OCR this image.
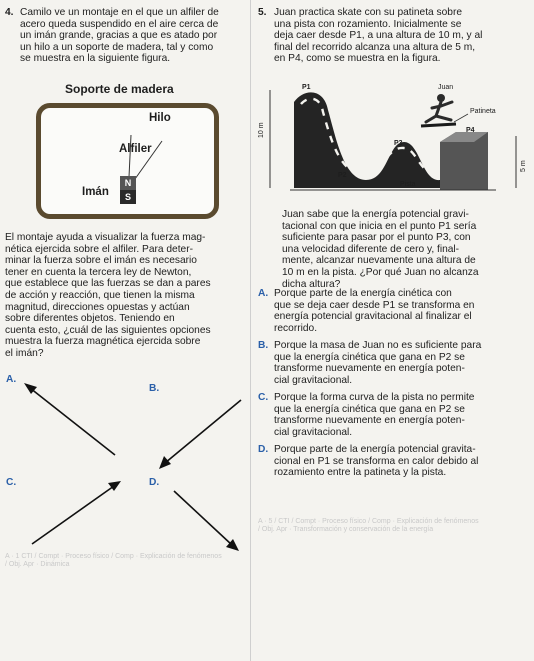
4. Camilo ve un montaje en el que un alfiler de
acero queda suspendido en el aire cerca de
un imán grande, gracias a que es atado por
un hilo a un soporte de madera, tal y como
se muestra en la siguiente figura.
Soporte de madera
Hilo
Alfiler
Imán
N
S
El montaje ayuda a visualizar la fuerza mag-
nética ejercida sobre el alfiler. Para deter-
minar la fuerza sobre el imán es necesario
tener en cuenta la tercera ley de Newton,
que establece que las fuerzas se dan a pares
de acción y reacción, que tienen la misma
magnitud, direcciones opuestas y actúan
sobre diferentes objetos. Teniendo en
cuenta esto, ¿cuál de las siguientes opciones
muestra la fuerza magnética ejercida sobre
el imán?
A.
B.
C.	D.
A · 1 CTI / Compt · Proceso físico / Comp · Explicación de fenómenos
/ Obj. Apr · Dinámica
5. Juan practica skate con su patineta sobre
una pista con rozamiento. Inicialmente se
deja caer desde P1, a una altura de 10 m, y al
final del recorrido alcanza una altura de 5 m,
en P4, como se muestra en la figura.
P1
P2
P3
P4
Juan
Patineta
Pista
10 m
5 m
Juan sabe que la energía potencial gravi-
tacional con que inicia en el punto P1 sería
suficiente para pasar por el punto P3, con
una velocidad diferente de cero y, final-
mente, alcanzar nuevamente una altura de
10 m en la pista. ¿Por qué Juan no alcanza
dicha altura?
A. Porque parte de la energía cinética con
que se deja caer desde P1 se transforma en
energía potencial gravitacional al finalizar el
recorrido.
B. Porque la masa de Juan no es suficiente para
que la energía cinética que gana en P2 se
transforme nuevamente en energía poten-
cial gravitacional.
C. Porque la forma curva de la pista no permite
que la energía cinética que gana en P2 se
transforme nuevamente en energía poten-
cial gravitacional.
D. Porque parte de la energía potencial gravita-
cional en P1 se transforma en calor debido al
rozamiento entre la patineta y la pista.
A · 5 / CTI / Compt · Proceso físico / Comp · Explicación de fenómenos
/ Obj. Apr · Transformación y conservación de la energía
